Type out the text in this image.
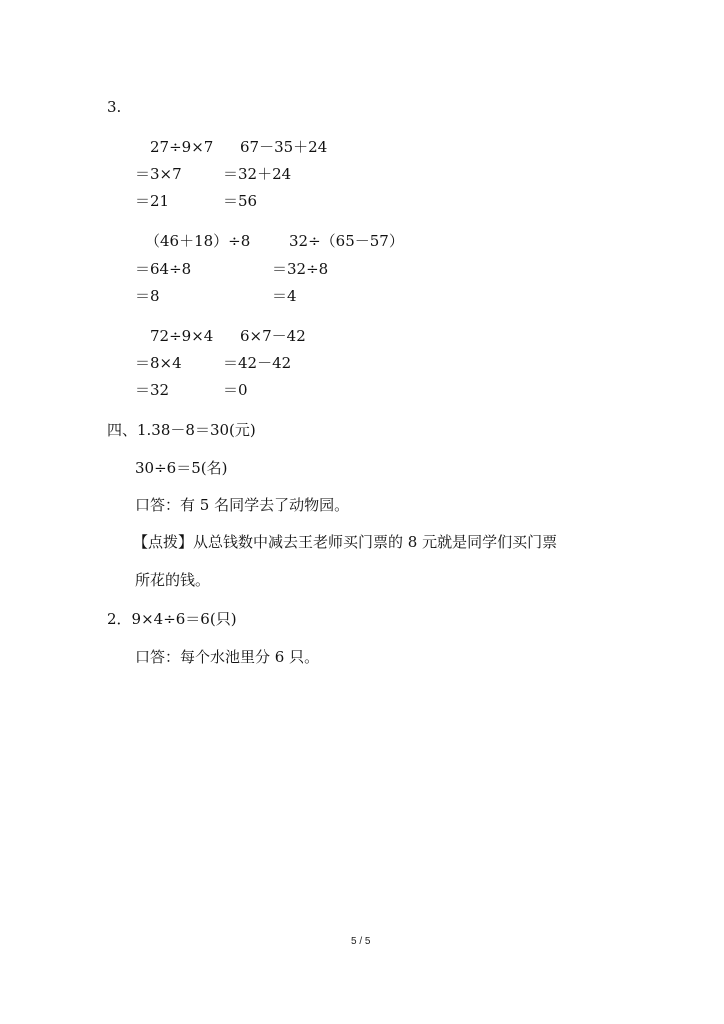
3.
27÷9×7
＝3×7
＝21
67－35＋24
＝32＋24
＝56
（46＋18）÷8
＝64÷8
＝8
32÷（65－57）
＝32÷8
＝4
72÷9×4
＝8×4
＝32
6×7－42
＝42－42
＝0
四、1.38－8＝30(元)
30÷6＝5(名)
口答：有 5 名同学去了动物园。
【点拨】从总钱数中减去王老师买门票的 8 元就是同学们买门票
所花的钱。
2．9×4÷6＝6(只)
口答：每个水池里分 6 只。
5 / 5
